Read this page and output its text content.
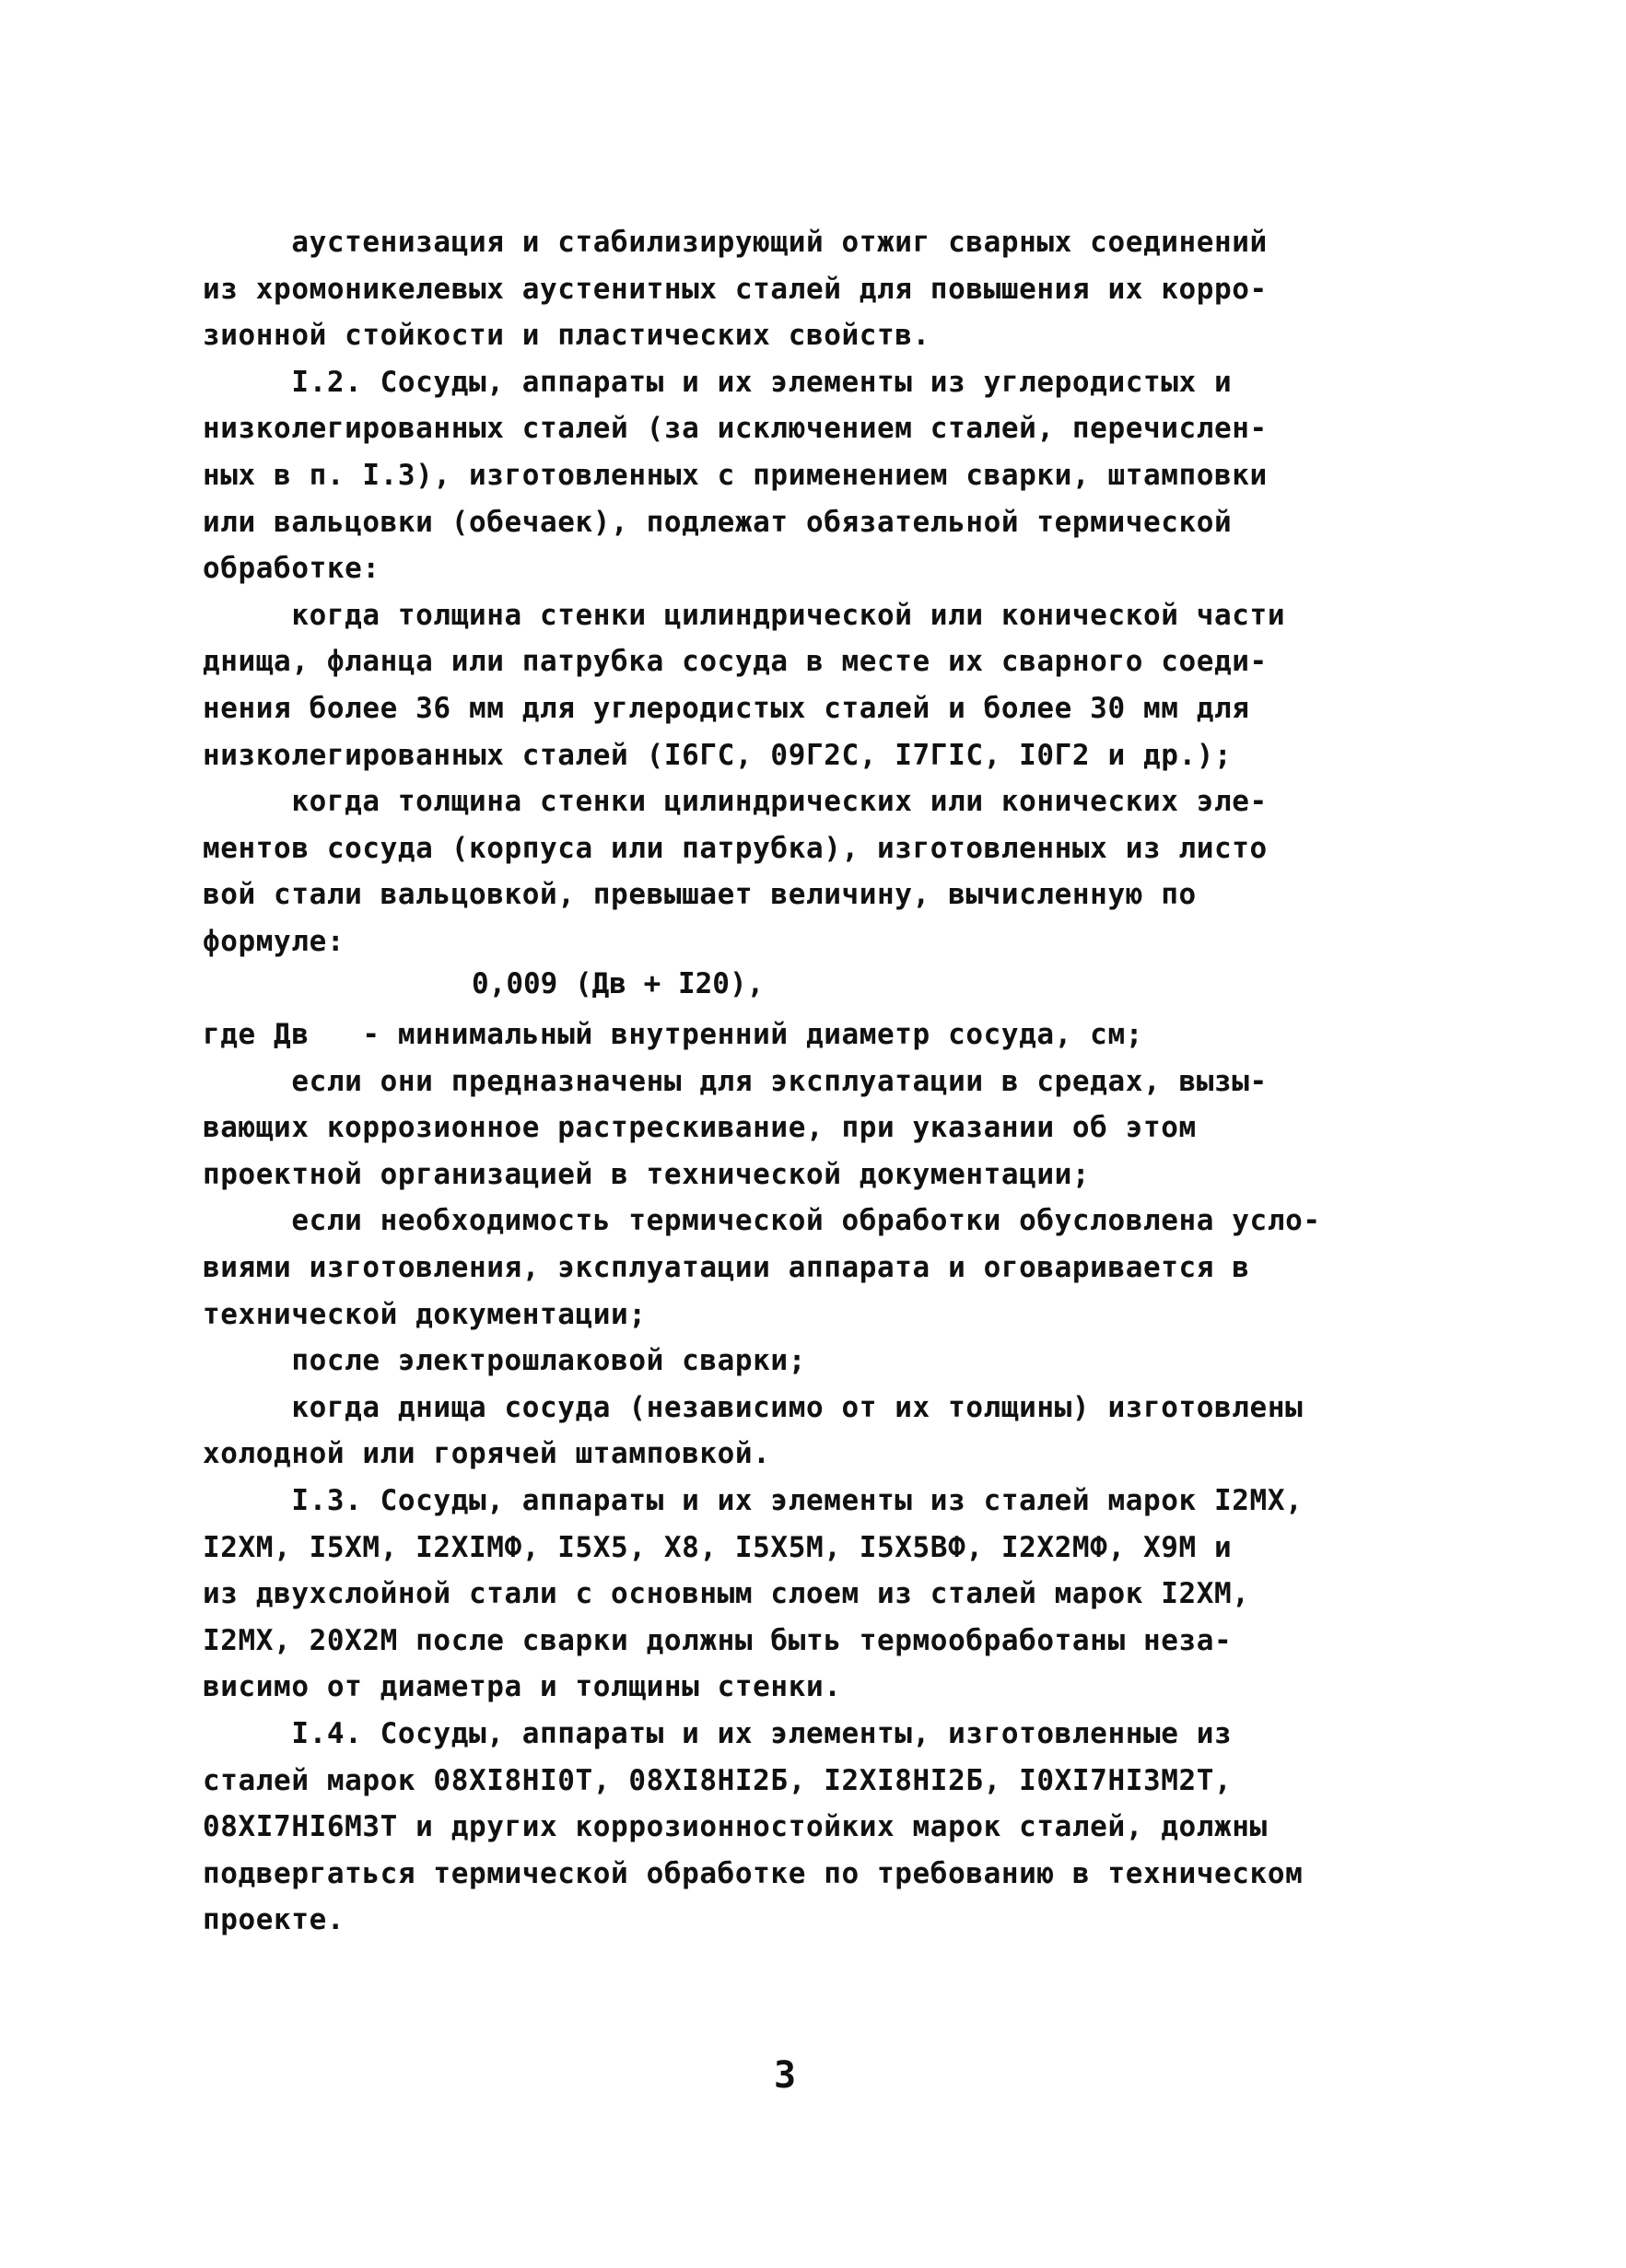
аустенизация и стабилизирующий отжиг сварных соединений
из хромоникелевых аустенитных сталей для повышения их корро-
зионной стойкости и пластических свойств.
I.2. Сосуды, аппараты и их элементы из углеродистых и
низколегированных сталей (за исключением сталей, перечислен-
ных в п. I.3), изготовленных с применением сварки, штамповки
или вальцовки (обечаек), подлежат обязательной термической
обработке:
когда толщина стенки цилиндрической или конической части
днища, фланца или патрубка сосуда в месте их сварного соеди-
нения более 36 мм для углеродистых сталей и более 30 мм для
низколегированных сталей (I6ГС, 09Г2С, I7ГIС, I0Г2 и др.);
когда толщина стенки цилиндрических или конических эле-
ментов сосуда (корпуса или патрубка), изготовленных из листо
вой стали вальцовкой, превышает величину, вычисленную по
формуле:
где Дв   - минимальный внутренний диаметр сосуда, см;
если они предназначены для эксплуатации в средах, вызы-
вающих коррозионное растрескивание, при указании об этом
проектной организацией в технической документации;
если необходимость термической обработки обусловлена усло-
виями изготовления, эксплуатации аппарата и оговаривается в
технической документации;
после электрошлаковой сварки;
когда днища сосуда (независимо от их толщины) изготовлены
холодной или горячей штамповкой.
I.3. Сосуды, аппараты и их элементы из сталей марок I2МХ,
I2ХМ, I5ХМ, I2ХIМФ, I5Х5, Х8, I5Х5М, I5Х5ВФ, I2Х2МФ, Х9М и
из двухслойной стали с основным слоем из сталей марок I2ХМ,
I2МХ, 20Х2М после сварки должны быть термообработаны неза-
висимо от диаметра и толщины стенки.
I.4. Сосуды, аппараты и их элементы, изготовленные из
сталей марок 08ХI8НI0Т, 08ХI8НI2Б, I2ХI8НI2Б, I0ХI7НI3М2Т,
08ХI7НI6М3Т и других коррозионностойких марок сталей, должны
подвергаться термической обработке по требованию в техническом
проекте.
0,009 (Дв + I20),
3
